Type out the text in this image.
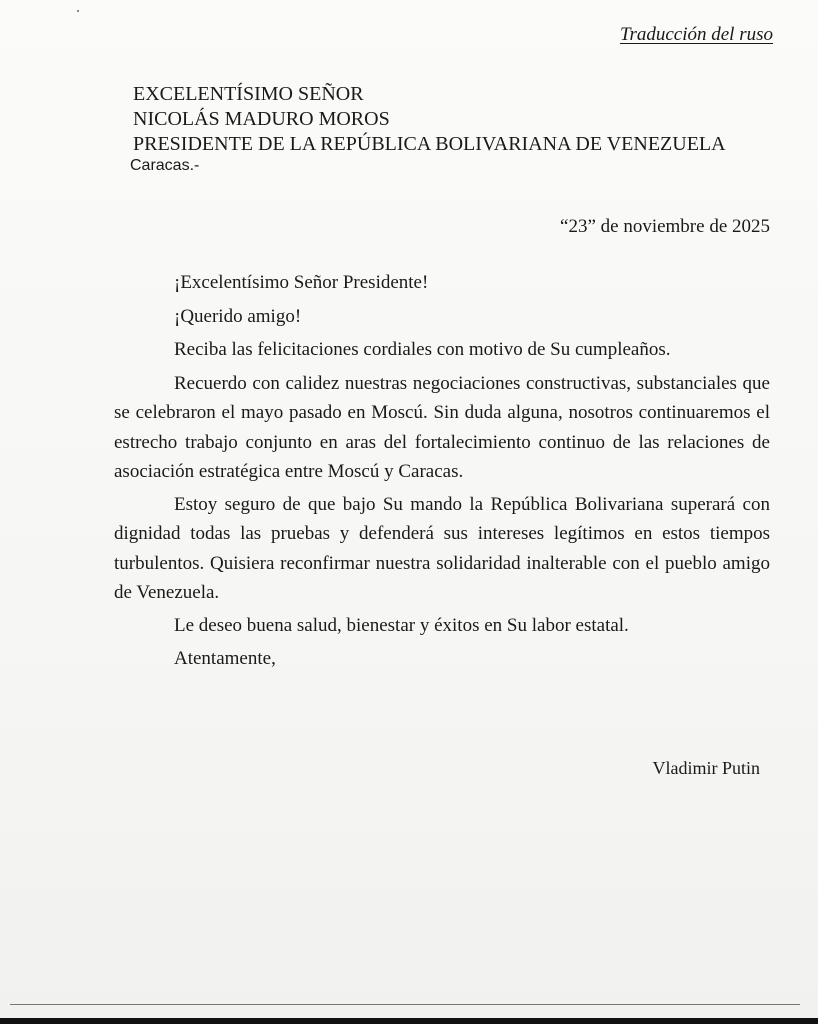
Traducción del ruso
EXCELENTÍSIMO SEÑOR
NICOLÁS MADURO MOROS
PRESIDENTE DE LA REPÚBLICA BOLIVARIANA DE VENEZUELA
Caracas.-
“23” de noviembre de 2025

¡Excelentísimo Señor Presidente!

¡Querido amigo!

Reciba las felicitaciones cordiales con motivo de Su cumpleaños.

Recuerdo con calidez nuestras negociaciones constructivas, substanciales que se celebraron el mayo pasado en Moscú. Sin duda alguna, nosotros continuaremos el estrecho trabajo conjunto en aras del fortalecimiento continuo de las relaciones de asociación estratégica entre Moscú y Caracas.

Estoy seguro de que bajo Su mando la República Bolivariana superará con dignidad todas las pruebas y defenderá sus intereses legítimos en estos tiempos turbulentos. Quisiera reconfirmar nuestra solidaridad inalterable con el pueblo amigo de Venezuela.

Le deseo buena salud, bienestar y éxitos en Su labor estatal.

Atentamente,

Vladimir Putin
